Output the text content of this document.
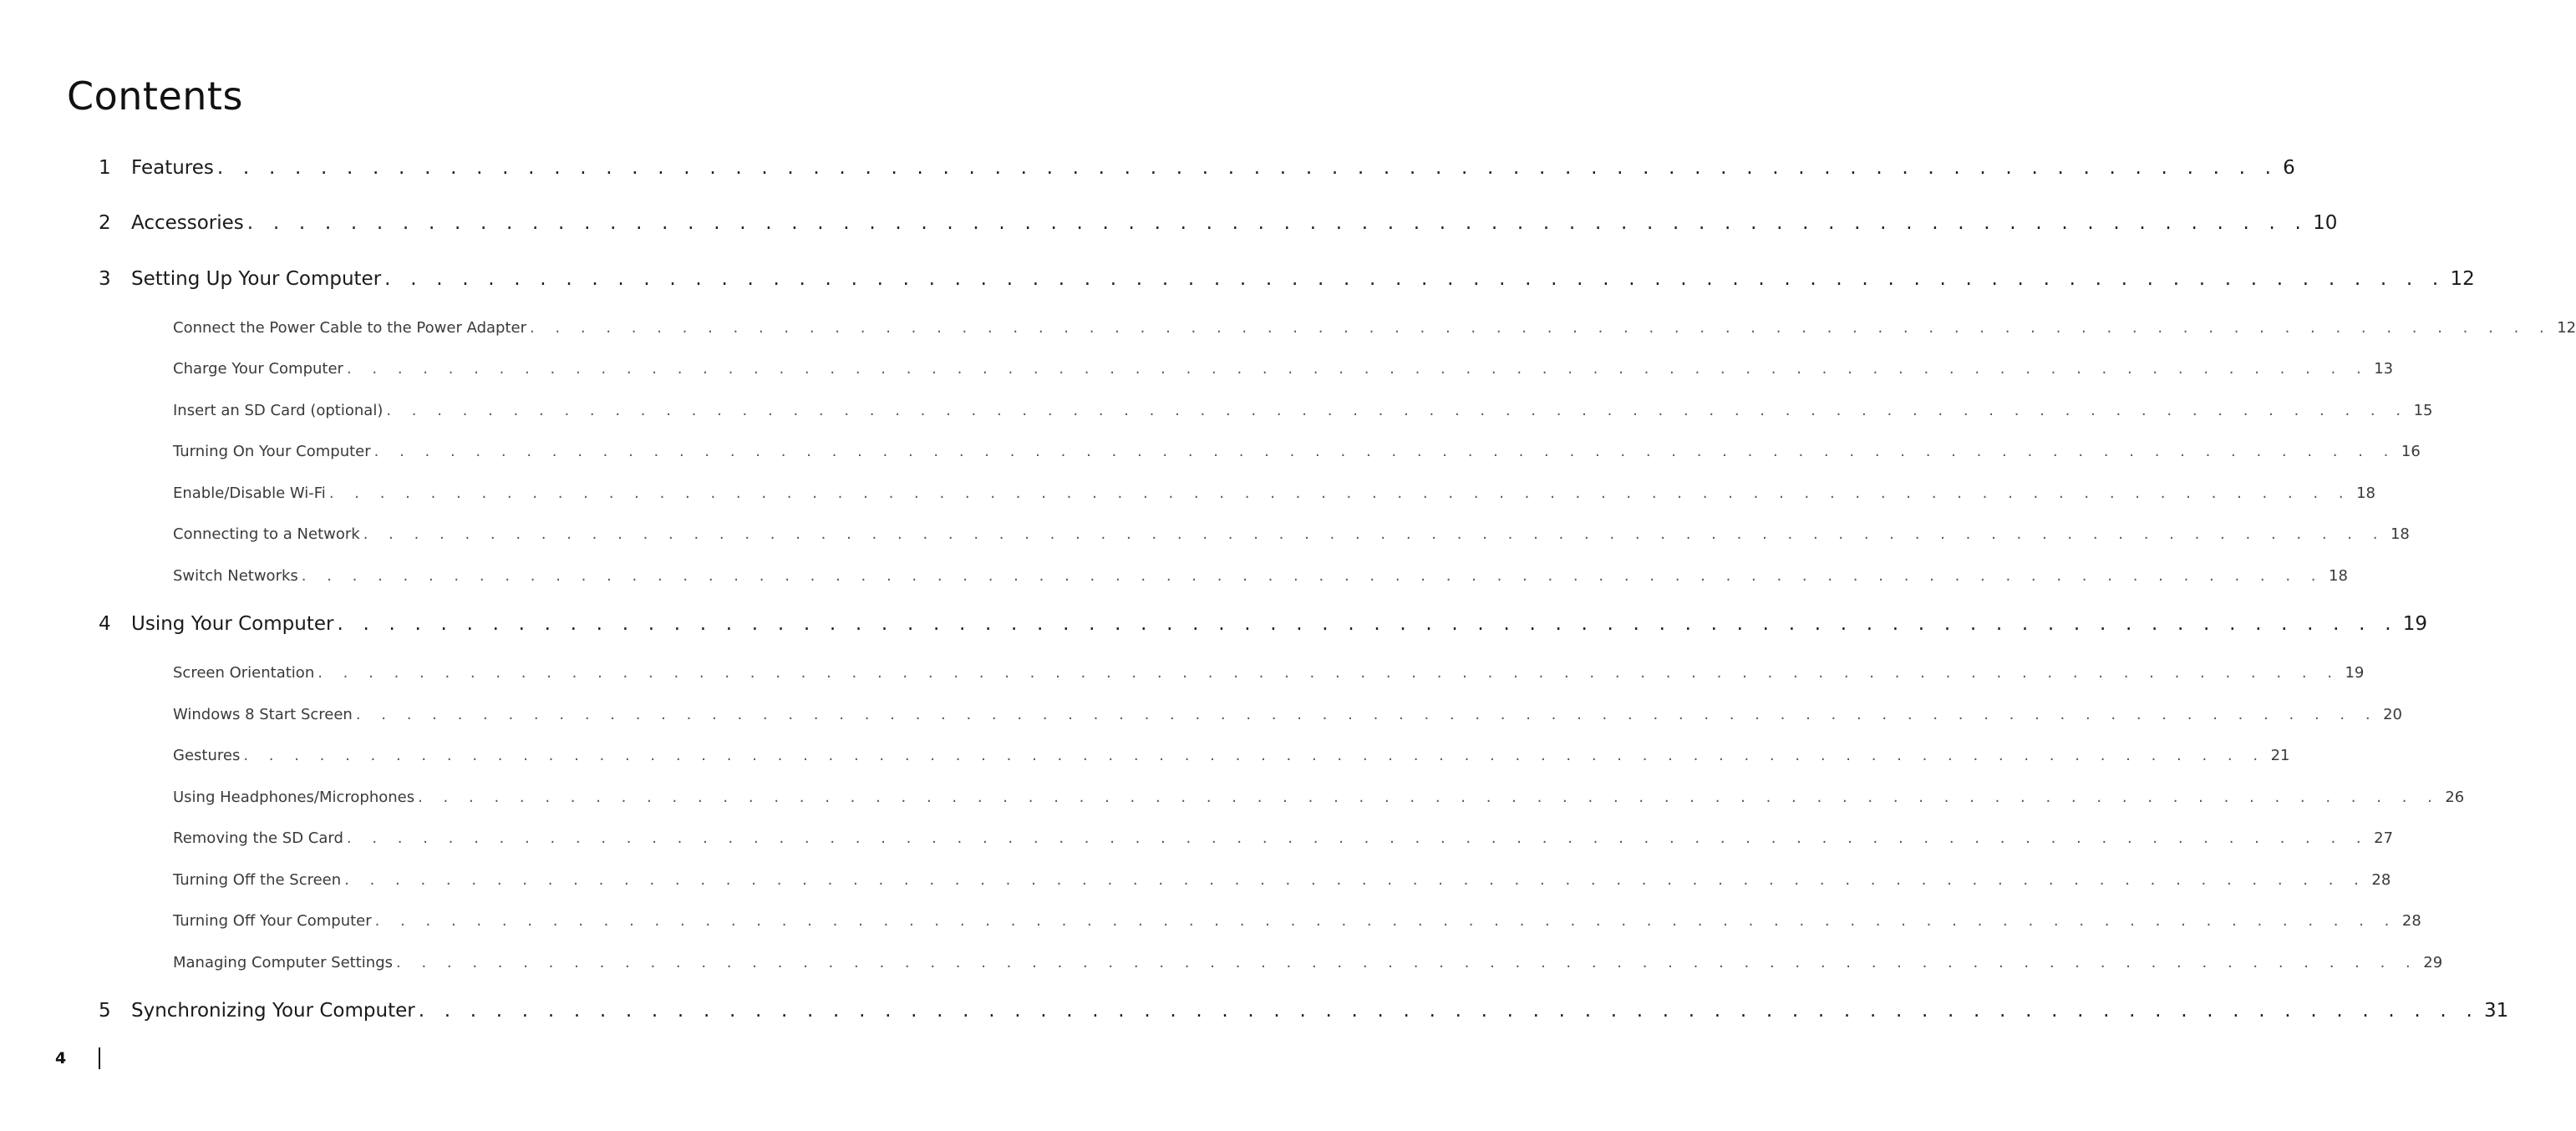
Contents
1	Features . . . . . . . . . . . . . . . . . . . . . . . . . . . . . . . . . . . . . . . . . . . . . . . . . . . . . . . . . . . . . . . . . . . . . . . . . . . . . . . . 6
2	Accessories . . . . . . . . . . . . . . . . . . . . . . . . . . . . . . . . . . . . . . . . . . . . . . . . . . . . . . . . . . . . . . . . . . . . . . . . . . . . . . . . 10
3	Setting Up Your Computer . . . . . . . . . . . . . . . . . . . . . . . . . . . . . . . . . . . . . . . . . . . . . . . . . . . . . . . . . . . . . . . . . . . . . . . . . . . . . . . . 12
Connect the Power Cable to the Power Adapter . . . . . . . . . . . . . . . . . . . . . . . . . . . . . . . . . . . . . . . . . . . . . . . . . . . . . . . . . . . . . . . . . . . . . . . . . . . . . . . . 12
Charge Your Computer . . . . . . . . . . . . . . . . . . . . . . . . . . . . . . . . . . . . . . . . . . . . . . . . . . . . . . . . . . . . . . . . . . . . . . . . . . . . . . . . 13
Insert an SD Card (optional) . . . . . . . . . . . . . . . . . . . . . . . . . . . . . . . . . . . . . . . . . . . . . . . . . . . . . . . . . . . . . . . . . . . . . . . . . . . . . . . . 15
Turning On Your Computer . . . . . . . . . . . . . . . . . . . . . . . . . . . . . . . . . . . . . . . . . . . . . . . . . . . . . . . . . . . . . . . . . . . . . . . . . . . . . . . . 16
Enable/Disable Wi-Fi . . . . . . . . . . . . . . . . . . . . . . . . . . . . . . . . . . . . . . . . . . . . . . . . . . . . . . . . . . . . . . . . . . . . . . . . . . . . . . . . 18
Connecting to a Network . . . . . . . . . . . . . . . . . . . . . . . . . . . . . . . . . . . . . . . . . . . . . . . . . . . . . . . . . . . . . . . . . . . . . . . . . . . . . . . . 18
Switch Networks . . . . . . . . . . . . . . . . . . . . . . . . . . . . . . . . . . . . . . . . . . . . . . . . . . . . . . . . . . . . . . . . . . . . . . . . . . . . . . . . 18
4	Using Your Computer . . . . . . . . . . . . . . . . . . . . . . . . . . . . . . . . . . . . . . . . . . . . . . . . . . . . . . . . . . . . . . . . . . . . . . . . . . . . . . . . 19
Screen Orientation . . . . . . . . . . . . . . . . . . . . . . . . . . . . . . . . . . . . . . . . . . . . . . . . . . . . . . . . . . . . . . . . . . . . . . . . . . . . . . . . 19
Windows 8 Start Screen . . . . . . . . . . . . . . . . . . . . . . . . . . . . . . . . . . . . . . . . . . . . . . . . . . . . . . . . . . . . . . . . . . . . . . . . . . . . . . . . 20
Gestures . . . . . . . . . . . . . . . . . . . . . . . . . . . . . . . . . . . . . . . . . . . . . . . . . . . . . . . . . . . . . . . . . . . . . . . . . . . . . . . . 21
Using Headphones/Microphones . . . . . . . . . . . . . . . . . . . . . . . . . . . . . . . . . . . . . . . . . . . . . . . . . . . . . . . . . . . . . . . . . . . . . . . . . . . . . . . . 26
Removing the SD Card . . . . . . . . . . . . . . . . . . . . . . . . . . . . . . . . . . . . . . . . . . . . . . . . . . . . . . . . . . . . . . . . . . . . . . . . . . . . . . . . 27
Turning Off the Screen . . . . . . . . . . . . . . . . . . . . . . . . . . . . . . . . . . . . . . . . . . . . . . . . . . . . . . . . . . . . . . . . . . . . . . . . . . . . . . . . 28
Turning Off Your Computer . . . . . . . . . . . . . . . . . . . . . . . . . . . . . . . . . . . . . . . . . . . . . . . . . . . . . . . . . . . . . . . . . . . . . . . . . . . . . . . . 28
Managing Computer Settings . . . . . . . . . . . . . . . . . . . . . . . . . . . . . . . . . . . . . . . . . . . . . . . . . . . . . . . . . . . . . . . . . . . . . . . . . . . . . . . . 29
5	Synchronizing Your Computer . . . . . . . . . . . . . . . . . . . . . . . . . . . . . . . . . . . . . . . . . . . . . . . . . . . . . . . . . . . . . . . . . . . . . . . . . . . . . . . . 31
4
